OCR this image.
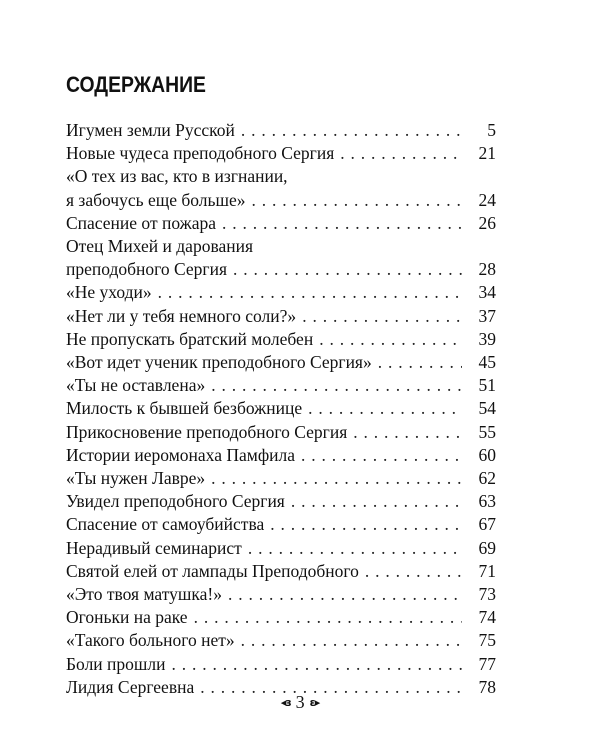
СОДЕРЖАНИЕ
Игумен земли Русской . . .	5
Новые чудеса преподобного Сергия . . .	21
«О тех из вас, кто в изгнании,
я забочусь еще больше» . . .	24
Спасение от пожара . . .	26
Отец Михей и дарования
преподобного Сергия . . .	28
«Не уходи» . . .	34
«Нет ли у тебя немного соли?» . . .	37
Не пропускать братский молебен . . .	39
«Вот идет ученик преподобного Сергия» . . .	45
«Ты не оставлена» . . .	51
Милость к бывшей безбожнице . . .	54
Прикосновение преподобного Сергия . . .	55
Истории иеромонаха Памфила . . .	60
«Ты нужен Лавре» . . .	62
Увидел преподобного Сергия . . .	63
Спасение от самоубийства . . .	67
Нерадивый семинарист . . .	69
Святой елей от лампады Преподобного . . .	71
«Это твоя матушка!» . . .	73
Огоньки на раке . . .	74
«Такого больного нет» . . .	75
Боли прошли . . .	77
Лидия Сергеевна . . .	78
◂з 3 ε▸
